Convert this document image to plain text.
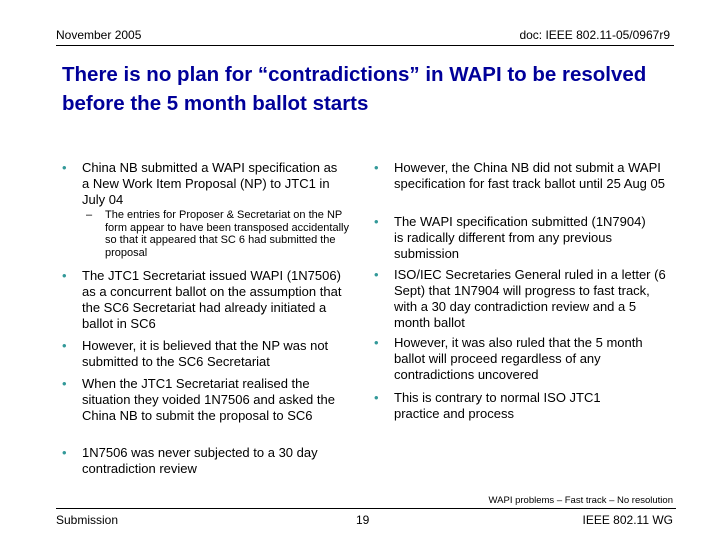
November 2005	doc: IEEE 802.11-05/0967r9
There is no plan for “contradictions” in WAPI to be resolved before the 5 month ballot starts
• China NB submitted a WAPI specification as a New Work Item Proposal (NP) to JTC1 in July 04
– The entries for Proposer & Secretariat on the NP form appear to have been transposed accidentally so that it appeared that SC 6 had submitted the proposal
• The JTC1 Secretariat issued WAPI (1N7506) as a concurrent ballot on the assumption that the SC6 Secretariat had already initiated a ballot in SC6
• However, it is believed that the NP was not submitted to the SC6 Secretariat
• When the JTC1 Secretariat realised the situation they voided 1N7506 and asked the China NB to submit the proposal to SC6
• 1N7506 was never subjected to a 30 day contradiction review
• However, the China NB did not submit a WAPI specification for fast track ballot until 25 Aug 05
• The WAPI specification submitted (1N7904) is radically different from any previous submission
• ISO/IEC Secretaries General ruled in a letter (6 Sept) that 1N7904 will progress to fast track, with a 30 day contradiction review and a 5 month ballot
• However, it was also ruled that the 5 month ballot will proceed regardless of any contradictions uncovered
• This is contrary to normal ISO JTC1 practice and process
WAPI problems – Fast track – No resolution
Submission	19	IEEE 802.11 WG
